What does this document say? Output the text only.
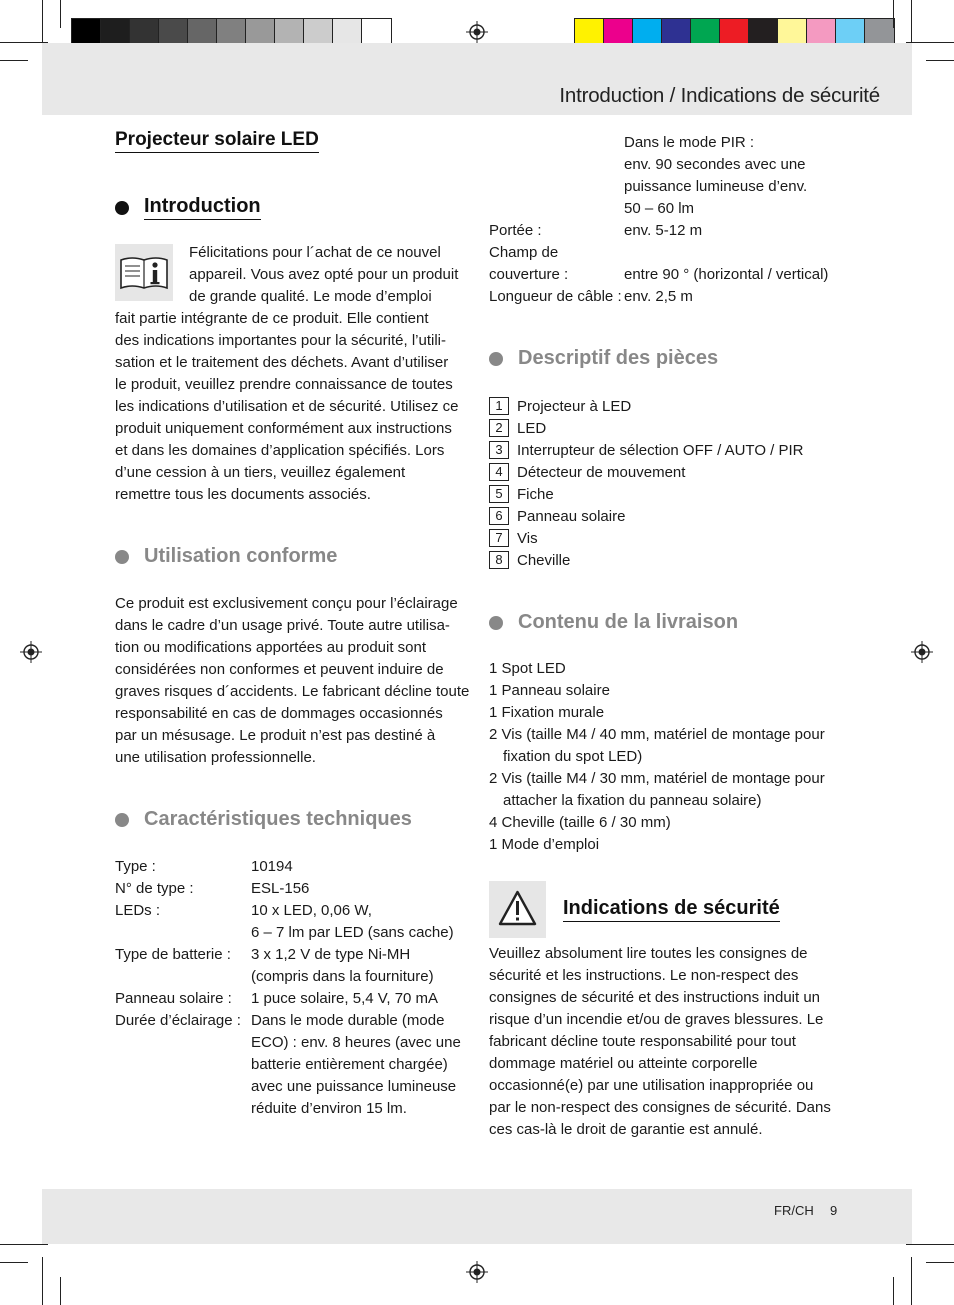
Introduction / Indications de sécurité
FR/CH 9
Projecteur solaire LED
Introduction
Félicitations pour l´achat de ce nouvel
appareil. Vous avez opté pour un produit
de grande qualité. Le mode d’emploi
fait partie intégrante de ce produit. Elle contient
des indications importantes pour la sécurité, l’utili-
sation et le traitement des déchets. Avant d’utiliser
le produit, veuillez prendre connaissance de toutes
les indications d’utilisation et de sécurité. Utilisez ce
produit uniquement conformément aux instructions
et dans les domaines d’application spécifiés. Lors
d’une cession à un tiers, veuillez également
remettre tous les documents associés.
Utilisation conforme
Ce produit est exclusivement conçu pour l’éclairage
dans le cadre d’un usage privé. Toute autre utilisa-
tion ou modifications apportées au produit sont
considérées non conformes et peuvent induire de
graves risques d´accidents. Le fabricant décline toute
responsabilité en cas de dommages occasionnés
par un mésusage. Le produit n’est pas destiné à
une utilisation professionnelle.
Caractéristiques techniques
Type :	10194
N° de type :	ESL-156
LEDs :	10 x LED, 0,06 W,
6 – 7 lm par LED (sans cache)
Type de batterie : 3 x 1,2 V de type Ni-MH
(compris dans la fourniture)
Panneau solaire : 1 puce solaire, 5,4 V, 70 mA
Durée d’éclairage : Dans le mode durable (mode
ECO) : env. 8 heures (avec une
batterie entièrement chargée)
avec une puissance lumineuse
réduite d’environ 15 lm.
Dans le mode PIR :
env. 90 secondes avec une
puissance lumineuse d’env.
50 – 60 lm
Portée :	env. 5-12 m
Champ de
couverture :	entre 90 ° (horizontal / vertical)
Longueur de câble : env. 2,5 m
Descriptif des pièces
1 Projecteur à LED
2 LED
3 Interrupteur de sélection OFF / AUTO / PIR
4 Détecteur de mouvement
5 Fiche
6 Panneau solaire
7 Vis
8 Cheville
Contenu de la livraison
1 Spot LED
1 Panneau solaire
1 Fixation murale
2 Vis (taille M4 / 40 mm, matériel de montage pour
fixation du spot LED)
2 Vis (taille M4 / 30 mm, matériel de montage pour
attacher la fixation du panneau solaire)
4 Cheville (taille 6 / 30 mm)
1 Mode d’emploi
Indications de sécurité
Veuillez absolument lire toutes les consignes de
sécurité et les instructions. Le non-respect des
consignes de sécurité et des instructions induit un
risque d’un incendie et/ou de graves blessures. Le
fabricant décline toute responsabilité pour tout
dommage matériel ou atteinte corporelle
occasionné(e) par une utilisation inappropriée ou
par le non-respect des consignes de sécurité. Dans
ces cas-là le droit de garantie est annulé.
